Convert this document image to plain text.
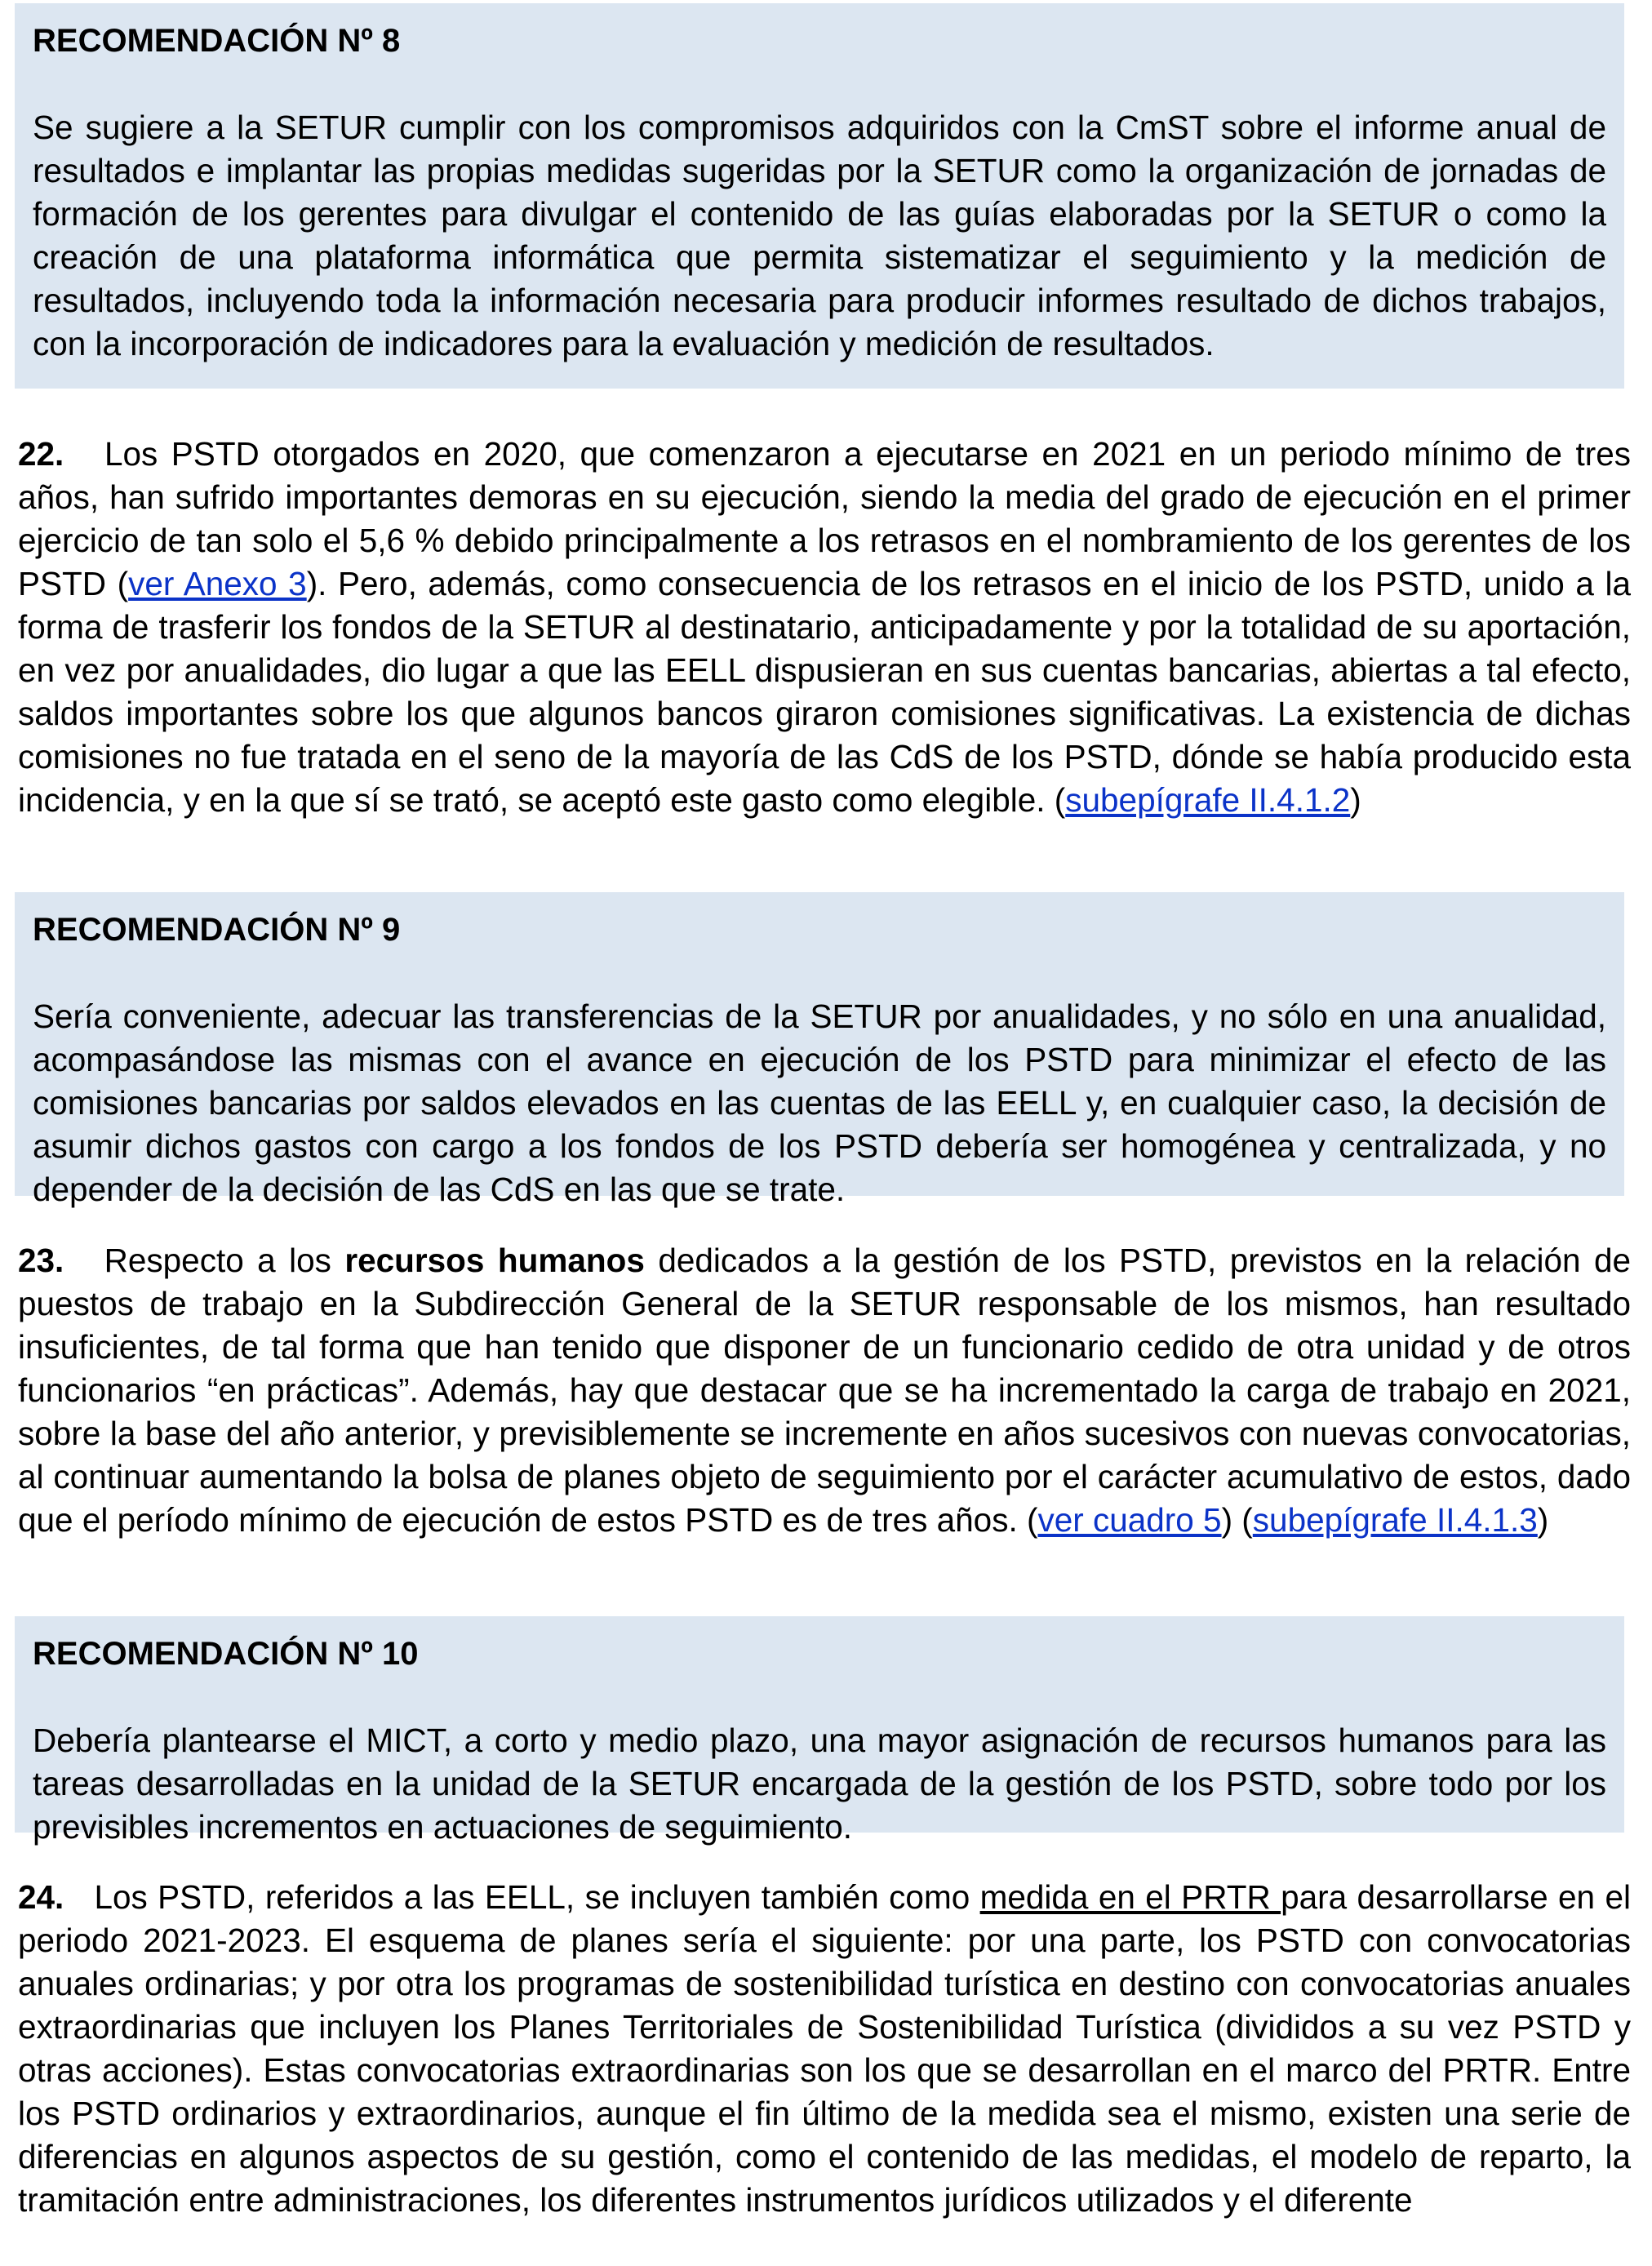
RECOMENDACIÓN Nº 8
Se sugiere a la SETUR cumplir con los compromisos adquiridos con la CmST sobre el informe anual de resultados e implantar las propias medidas sugeridas por la SETUR como la organización de jornadas de formación de los gerentes para divulgar el contenido de las guías elaboradas por la SETUR o como la creación de una plataforma informática que permita sistematizar el seguimiento y la medición de resultados, incluyendo toda la información necesaria para producir informes resultado de dichos trabajos, con la incorporación de indicadores para la evaluación y medición de resultados.
22. Los PSTD otorgados en 2020, que comenzaron a ejecutarse en 2021 en un periodo mínimo de tres años, han sufrido importantes demoras en su ejecución, siendo la media del grado de ejecución en el primer ejercicio de tan solo el 5,6 % debido principalmente a los retrasos en el nombramiento de los gerentes de los PSTD (ver Anexo 3). Pero, además, como consecuencia de los retrasos en el inicio de los PSTD, unido a la forma de trasferir los fondos de la SETUR al destinatario, anticipadamente y por la totalidad de su aportación, en vez por anualidades, dio lugar a que las EELL dispusieran en sus cuentas bancarias, abiertas a tal efecto, saldos importantes sobre los que algunos bancos giraron comisiones significativas. La existencia de dichas comisiones no fue tratada en el seno de la mayoría de las CdS de los PSTD, dónde se había producido esta incidencia, y en la que sí se trató, se aceptó este gasto como elegible. (subepígrafe II.4.1.2)
RECOMENDACIÓN Nº 9
Sería conveniente, adecuar las transferencias de la SETUR por anualidades, y no sólo en una anualidad, acompasándose las mismas con el avance en ejecución de los PSTD para minimizar el efecto de las comisiones bancarias por saldos elevados en las cuentas de las EELL y, en cualquier caso, la decisión de asumir dichos gastos con cargo a los fondos de los PSTD debería ser homogénea y centralizada, y no depender de la decisión de las CdS en las que se trate.
23. Respecto a los recursos humanos dedicados a la gestión de los PSTD, previstos en la relación de puestos de trabajo en la Subdirección General de la SETUR responsable de los mismos, han resultado insuficientes, de tal forma que han tenido que disponer de un funcionario cedido de otra unidad y de otros funcionarios “en prácticas”. Además, hay que destacar que se ha incrementado la carga de trabajo en 2021, sobre la base del año anterior, y previsiblemente se incremente en años sucesivos con nuevas convocatorias, al continuar aumentando la bolsa de planes objeto de seguimiento por el carácter acumulativo de estos, dado que el período mínimo de ejecución de estos PSTD es de tres años. (ver cuadro 5) (subepígrafe II.4.1.3)
RECOMENDACIÓN Nº 10
Debería plantearse el MICT, a corto y medio plazo, una mayor asignación de recursos humanos para las tareas desarrolladas en la unidad de la SETUR encargada de la gestión de los PSTD, sobre todo por los previsibles incrementos en actuaciones de seguimiento.
24. Los PSTD, referidos a las EELL, se incluyen también como medida en el PRTR para desarrollarse en el periodo 2021-2023. El esquema de planes sería el siguiente: por una parte, los PSTD con convocatorias anuales ordinarias; y por otra los programas de sostenibilidad turística en destino con convocatorias anuales extraordinarias que incluyen los Planes Territoriales de Sostenibilidad Turística (divididos a su vez PSTD y otras acciones). Estas convocatorias extraordinarias son los que se desarrollan en el marco del PRTR. Entre los PSTD ordinarios y extraordinarios, aunque el fin último de la medida sea el mismo, existen una serie de diferencias en algunos aspectos de su gestión, como el contenido de las medidas, el modelo de reparto, la tramitación entre administraciones, los diferentes instrumentos jurídicos utilizados y el diferente
